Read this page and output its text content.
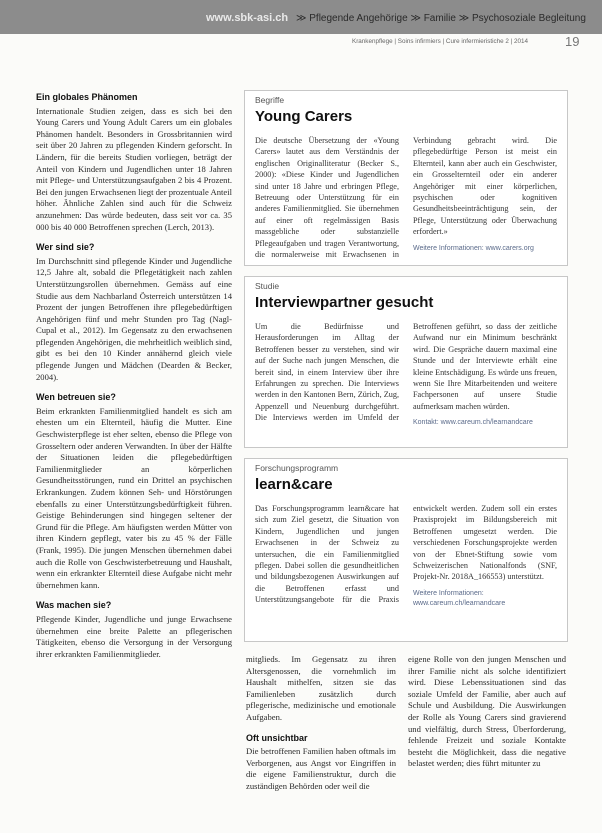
www.sbk-asi.ch ≫ Pflegende Angehörige ≫ Familie ≫ Psychosoziale Begleitung
Krankenpflege | Soins infirmiers | Cure infermieristiche 2 | 2014	19
Ein globales Phänomen

Internationale Studien zeigen, dass es sich bei den Young Carers und Young Adult Carers um ein globales Phänomen handelt. Besonders in Grossbritannien wird seit über 20 Jahren zu pflegenden Kindern geforscht. In Ländern, für die bereits Studien vorliegen, beträgt der Anteil von Kindern und Jugendlichen unter 18 Jahren mit Pflege- und Unterstützungsaufgaben 2 bis 4 Prozent. Bei den jungen Erwachsenen liegt der prozentuale Anteil höher. Ähnliche Zahlen sind auch für die Schweiz anzunehmen: Das würde bedeuten, dass seit vor ca. 35 000 bis 40 000 Betroffenen sprechen (Lerch, 2013).

Wer sind sie?

Im Durchschnitt sind pflegende Kinder und Jugendliche 12,5 Jahre alt, sobald die Pflegetätigkeit nach zahlen Unterstützungsrollen übernehmen. Gemäss auf eine Studie aus dem Nachbarland Österreich unterstützen 14 Prozent der jungen Betroffenen ihre pflegebedürftigen Angehörigen fünf und mehr Stunden pro Tag (Nagl-Cupal et al., 2012). Im Gegensatz zu den erwachsenen pflegenden Angehörigen, die mehrheitlich weiblich sind, gibt es bei den 10 Kinder annähernd gleich viele pflegende Jungen und Mädchen (Dearden & Becker, 2004).

Wen betreuen sie?

Beim erkrankten Familienmitglied handelt es sich am ehesten um ein Elternteil, häufig die Mutter. Eine Geschwisterpflege ist eher selten, ebenso die Pflege von Grosseltern oder anderen Verwandten. In über der Hälfte der Situationen leiden die pflegebedürftigen Familienmitglieder an körperlichen Gesundheitsstörungen, rund ein Drittel an psychischen Erkrankungen. Zudem können Seh- und Hörstörungen ebenfalls zu einer Unterstützungsbedürftigkeit führen. Geistige Behinderungen sind hingegen seltener der Grund für die Pflege. Am häufigsten werden Mütter von ihren Kindern gepflegt, vater bis zu 45 % der Fälle (Frank, 1995). Die jungen Menschen übernehmen dabei auch die Rolle von Geschwisterbetreuung und Haushalt, wenn ein erkrankter Elternteil diese Aufgabe nicht mehr übernehmen kann.

Was machen sie?

Pflegende Kinder, Jugendliche und junge Erwachsene übernehmen eine breite Palette an pflegerischen Tätigkeiten, ebenso die Versorgung in der Versorgung ihrer erkrankten Familienmitglieder.

Begriffe
Young Carers

Die deutsche Übersetzung der «Young Carers» lautet aus dem Verständnis der englischen Originalliteratur (Becker S., 2000): «Diese Kinder und Jugendlichen sind unter 18 Jahre und erbringen Pflege, Betreuung oder Unterstützung für ein anderes Familienmitglied. Sie übernehmen auf einer oft regelmässigen Basis massgebliche oder substanzielle Pflegeaufgaben und tragen Verantwortung, die normalerweise mit Erwachsenen in Verbindung gebracht wird. Die pflegebedürftige Person ist meist ein Elternteil, kann aber auch ein Geschwister, ein Grosselternteil oder ein anderer Angehöriger mit einer körperlichen, psychischen oder kognitiven Gesundheitsbeeinträchtigung sein, der Pflege, Unterstützung oder Überwachung erfordert.»

Weitere Informationen: www.carers.org
Studie
Interviewpartner gesucht

Um die Bedürfnisse und Herausforderungen im Alltag der Betroffenen besser zu verstehen, sind wir auf der Suche nach jungen Menschen, die bereit sind, in einem Interview über ihre Erfahrungen zu sprechen. Die Interviews werden in den Kantonen Bern, Zürich, Zug, Appenzell und Neuenburg durchgeführt. Die Interviews werden im Umfeld der Betroffenen geführt, so dass der zeitliche Aufwand nur ein Minimum beschränkt wird. Die Gespräche dauern maximal eine Stunde und der Interviewte erhält eine kleine Entschädigung. Es würde uns freuen, wenn Sie Ihre Mitarbeitenden und weitere Fachpersonen auf unsere Studie aufmerksam machen würden.

Kontakt: www.careum.ch/learnandcare
Forschungsprogramm
learn&care

Das Forschungsprogramm learn&care hat sich zum Ziel gesetzt, die Situation von Kindern, Jugendlichen und jungen Erwachsenen in der Schweiz zu untersuchen, die ein Familienmitglied pflegen. Dabei sollen die gesundheitlichen und bildungsbezogenen Auswirkungen auf die Betroffenen erfasst und Unterstützungsangebote für die Praxis entwickelt werden. Zudem soll ein erstes Praxisprojekt im Bildungsbereich mit Betroffenen umgesetzt werden. Die verschiedenen Forschungsprojekte werden von der Ebnet-Stiftung sowie vom Schweizerischen Nationalfonds (SNF, Projekt-Nr. 2018A_166553) unterstützt.

Weitere Informationen: www.careum.ch/learnandcare

mitglieds. Im Gegensatz zu ihren Altersgenossen, die vornehmlich im Haushalt mithelfen, sitzen sie das Familienleben zusätzlich durch pflegerische, medizinische und emotionale Aufgaben.

Oft unsichtbar

Die betroffenen Familien haben oftmals im Verborgenen, aus Angst vor Eingriffen in die eigene Familienstruktur, durch die zuständigen Behörden oder weil die

eigene Rolle von den jungen Menschen und ihrer Familie nicht als solche identifiziert wird. Diese Lebenssituationen sind das soziale Umfeld der Familie, aber auch auf Schule und Ausbildung. Die Auswirkungen der Rolle als Young Carers sind gravierend und vielfältig, durch Stress, Überforderung, fehlende Freizeit und soziale Kontakte besteht die Möglichkeit, dass die negative belastet werden; dies führt mitunter zu
